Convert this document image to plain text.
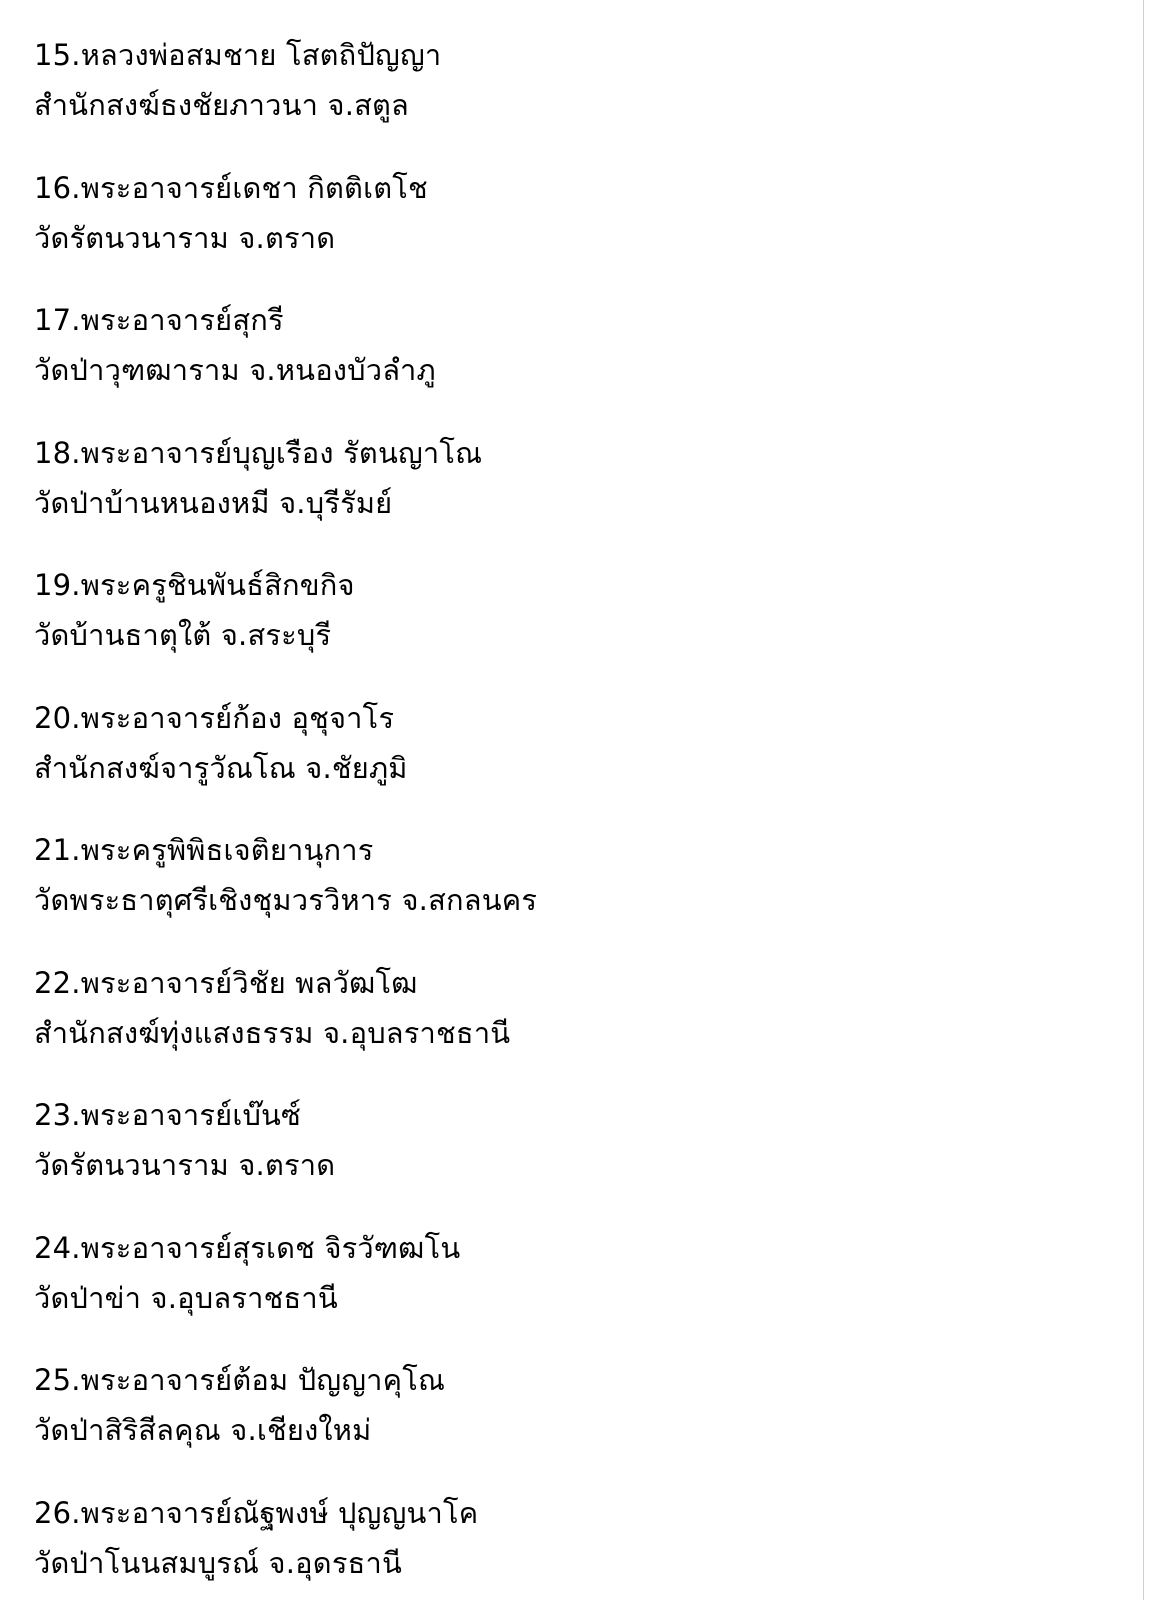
15.หลวงพ่อสมชาย โสตถิปัญญา
สำนักสงฆ์ธงชัยภาวนา จ.สตูล
16.พระอาจารย์เดชา กิตติเตโช
วัดรัตนวนาราม จ.ตราด
17.พระอาจารย์สุกรี
วัดป่าวุฑฒาราม จ.หนองบัวลำภู
18.พระอาจารย์บุญเรือง รัตนญาโณ
วัดป่าบ้านหนองหมี จ.บุรีรัมย์
19.พระครูชินพันธ์สิกขกิจ
วัดบ้านธาตุใต้ จ.สระบุรี
20.พระอาจารย์ก้อง อุชุจาโร
สำนักสงฆ์จารูวัณโณ จ.ชัยภูมิ
21.พระครูพิพิธเจติยานุการ
วัดพระธาตุศรีเชิงชุมวรวิหาร จ.สกลนคร
22.พระอาจารย์วิชัย พลวัฒโฒ
สำนักสงฆ์ทุ่งแสงธรรม จ.อุบลราชธานี
23.พระอาจารย์เบ๊นซ์
วัดรัตนวนาราม จ.ตราด
24.พระอาจารย์สุรเดช จิรวัฑฒโน
วัดป่าข่า จ.อุบลราชธานี
25.พระอาจารย์ต้อม ปัญญาคุโณ
วัดป่าสิริสีลคุณ จ.เชียงใหม่
26.พระอาจารย์ณัฐพงษ์ ปุญญนาโค
วัดป่าโนนสมบูรณ์ จ.อุดรธานี
